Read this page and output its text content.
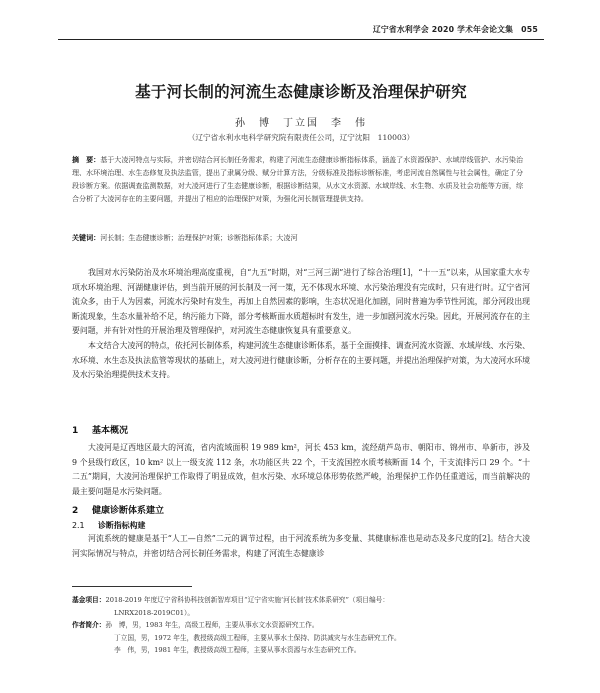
辽宁省水利学会 2020 学术年会论文集　055
基于河长制的河流生态健康诊断及治理保护研究
孙　博　丁立国　李　伟
（辽宁省水利水电科学研究院有限责任公司，辽宁沈阳　110003）
摘　要：基于大凌河特点与实际，并密切结合河长制任务需求，构建了河流生态健康诊断指标体系，涵盖了水资源保护、水域岸线管护、水污染治理、水环境治理、水生态修复及执法监管，提出了隶属分级、赋分计算方法，分级标准及指标诊断标准，考虑河流自然属性与社会属性，确定了分段诊断方案。依据调查监测数据，对大凌河进行了生态健康诊断，根据诊断结果，从水文水资源、水域岸线、水生物、水质及社会功能等方面，综合分析了大凌河存在的主要问题，并提出了相应的治理保护对策，为强化河长制管理提供支持。
关键词：河长制；生态健康诊断；治理保护对策；诊断指标体系；大凌河

我国对水污染防治及水环境治理高度重视，自“九五”时期，对“三河三湖”进行了综合治理[1]，“十一五”以来，从国家重大水专项水环境治理、河湖健康评估，到当前开展的河长制及一河一策，无不体现水环境、水污染治理没有完成时，只有进行时。辽宁省河流众多，由于人为因素，河流水污染时有发生，再加上自然因素的影响，生态状况退化加剧，同时普遍为季节性河流，部分河段出现断流现象，生态水量补给不足，纳污能力下降，部分考核断面水质超标时有发生，进一步加剧河流水污染。因此，开展河流存在的主要问题，并有针对性的开展治理及管理保护，对河流生态健康恢复具有重要意义。

本文结合大凌河的特点，依托河长制体系，构建河流生态健康诊断体系，基于全面摸排、调查河流水资源、水域岸线、水污染、水环境、水生态及执法监管等现状的基础上，对大凌河进行健康诊断，分析存在的主要问题，并提出治理保护对策，为大凌河水环境及水污染治理提供技术支持。

1 基本概况

大凌河是辽西地区最大的河流，省内流域面积 19 989 km²，河长 453 km，流经葫芦岛市、朝阳市、锦州市、阜新市，涉及 9 个县级行政区，10 km² 以上一级支流 112 条，水功能区共 22 个，干支流国控水质考核断面 14 个，干支流排污口 29 个。“十二五”期间，大凌河治理保护工作取得了明显成效，但水污染、水环境总体形势依然严峻，治理保护工作仍任重道远，而当前解决的最主要问题是水污染问题。

2 健康诊断体系建立
2.1 诊断指标构建

河流系统的健康是基于“人工—自然”二元的调节过程，由于河流系统为多变量、其健康标准也是动态及多尺度的[2]。结合大凌河实际情况与特点，并密切结合河长制任务需求，构建了河流生态健康诊

基金项目：2018-2019 年度辽宁省科协科技创新智库项目“辽宁省实施‘河长制’技术体系研究”（项目编号：
LNRX2018-2019C01）。
作者简介：孙　博，男，1983 年生，高级工程师，主要从事水文水资源研究工作。
丁立国，男，1972 年生，教授级高级工程师，主要从事水土保持、防洪减灾与水生态研究工作。
李　伟，男，1981 年生，教授级高级工程师，主要从事水资源与水生态研究工作。
